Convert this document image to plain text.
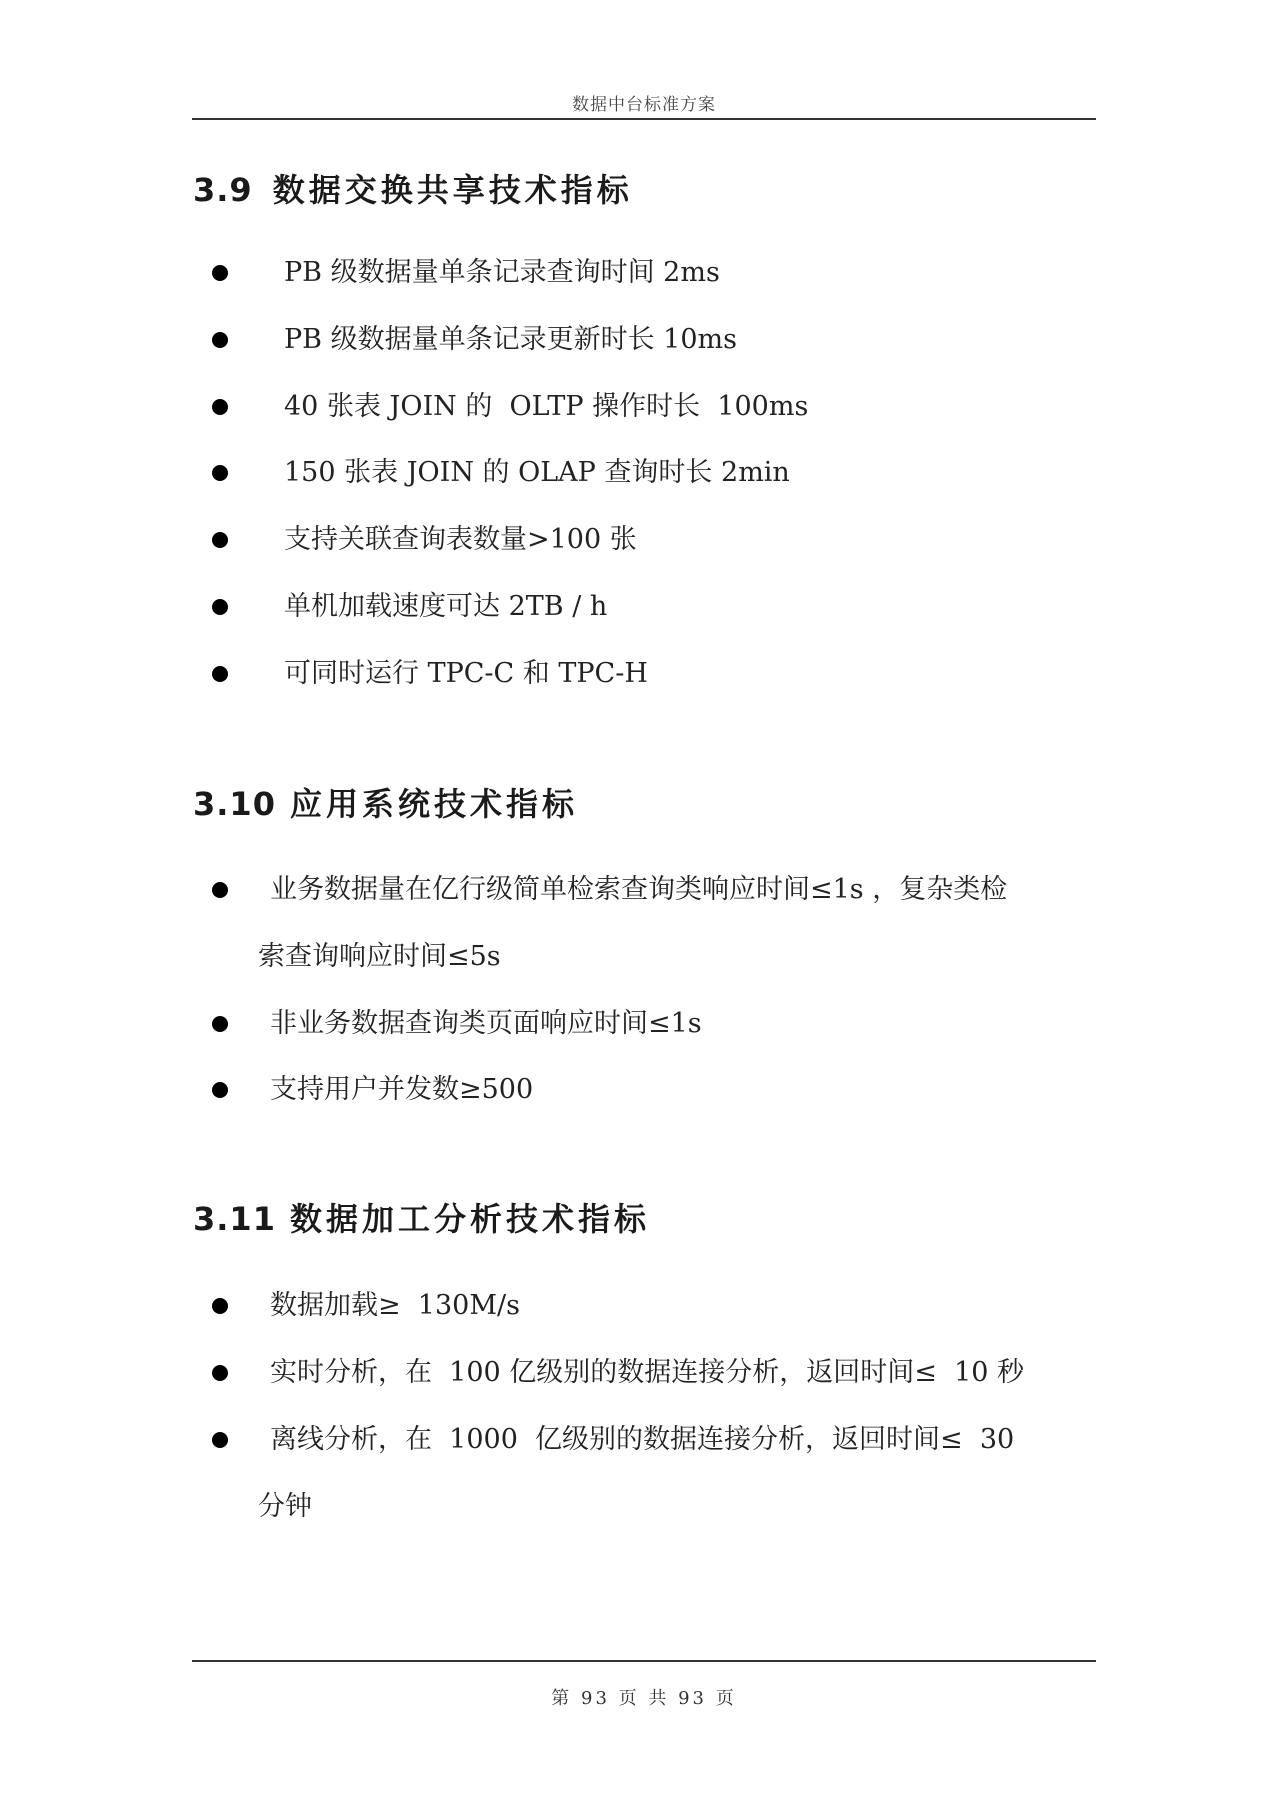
数据中台标准方案
3.9 数据交换共享技术指标
PB 级数据量单条记录查询时间 2ms
PB 级数据量单条记录更新时长 10ms
40 张表 JOIN 的  OLTP 操作时长  100ms
150 张表 JOIN 的 OLAP 查询时长 2min
支持关联查询表数量>100 张
单机加载速度可达 2TB / h
可同时运行 TPC-C 和 TPC-H
3.10 应用系统技术指标
业务数据量在亿行级简单检索查询类响应时间≤1s ，复杂类检
索查询响应时间≤5s
非业务数据查询类页面响应时间≤1s
支持用户并发数≥500
3.11 数据加工分析技术指标
数据加载≥  130M/s
实时分析，在  100 亿级别的数据连接分析，返回时间≤  10 秒
离线分析，在  1000  亿级别的数据连接分析，返回时间≤  30
分钟
第 93 页 共 93 页
